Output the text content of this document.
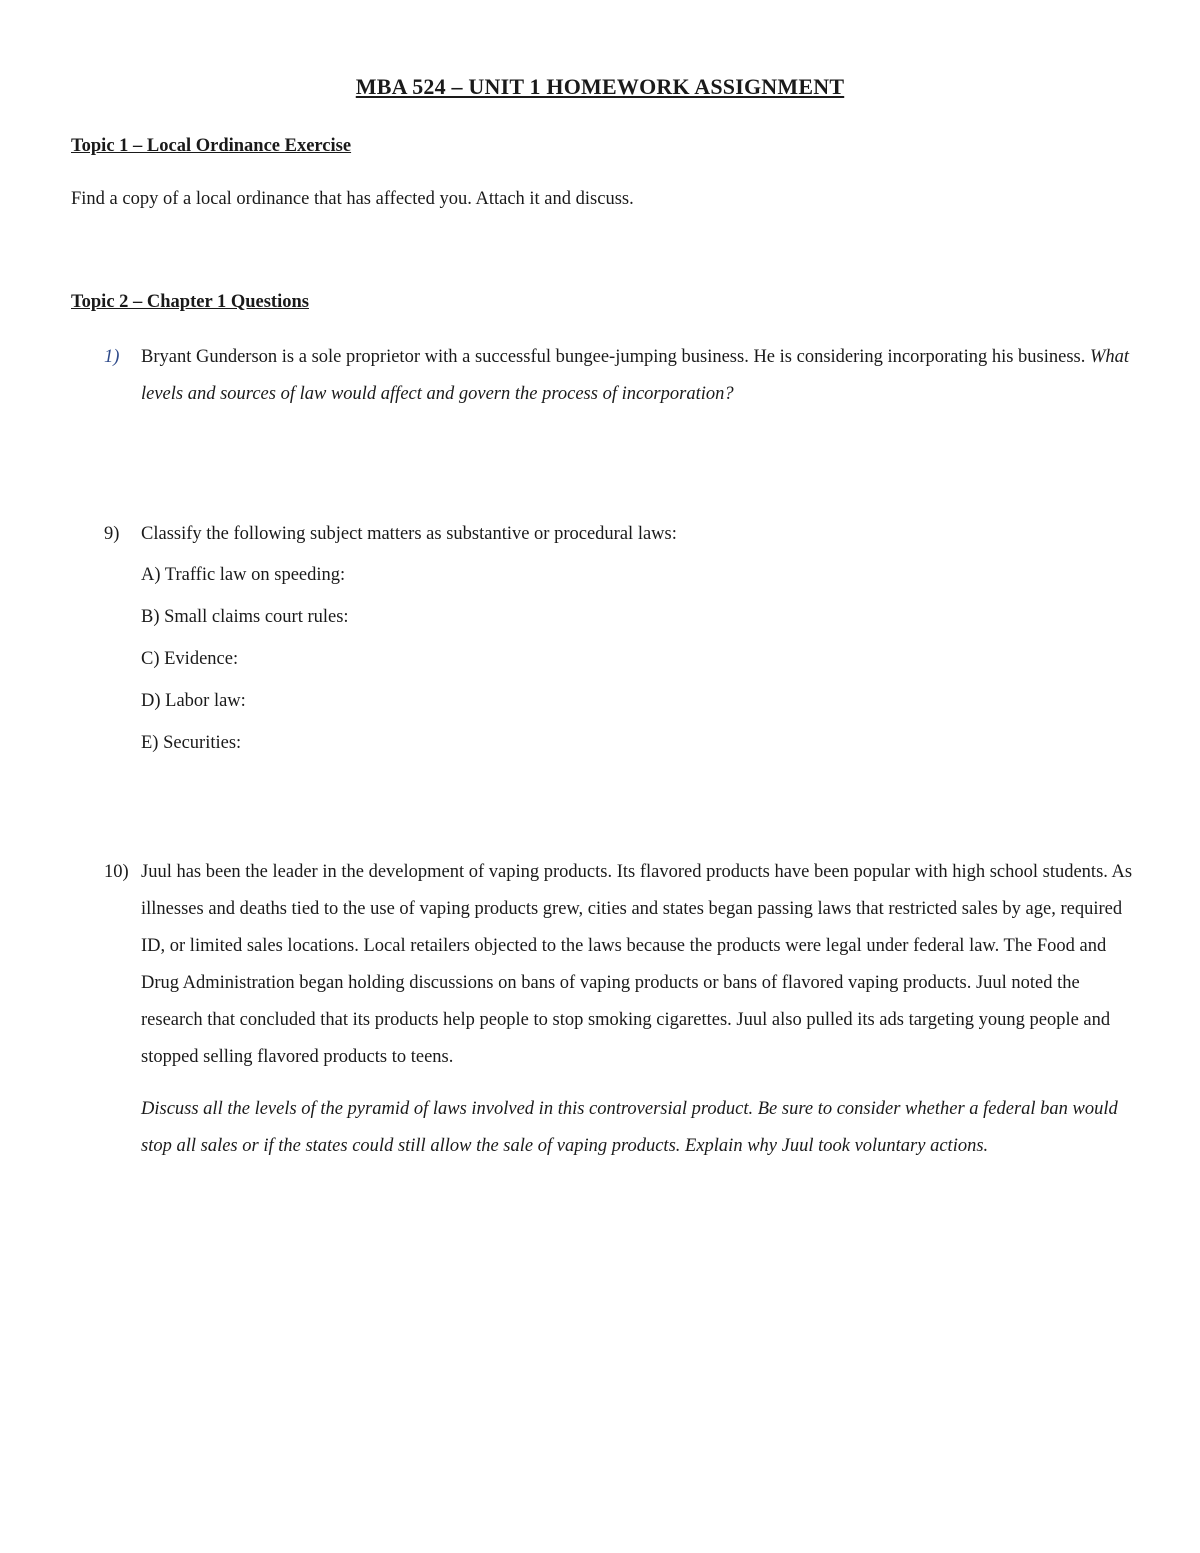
MBA 524 – UNIT 1 HOMEWORK ASSIGNMENT
Topic 1 – Local Ordinance Exercise
Find a copy of a local ordinance that has affected you. Attach it and discuss.
Topic 2 – Chapter 1 Questions
1) Bryant Gunderson is a sole proprietor with a successful bungee-jumping business. He is considering incorporating his business. What levels and sources of law would affect and govern the process of incorporation?
9) Classify the following subject matters as substantive or procedural laws:
A) Traffic law on speeding:
B) Small claims court rules:
C) Evidence:
D) Labor law:
E) Securities:
10) Juul has been the leader in the development of vaping products. Its flavored products have been popular with high school students. As illnesses and deaths tied to the use of vaping products grew, cities and states began passing laws that restricted sales by age, required ID, or limited sales locations. Local retailers objected to the laws because the products were legal under federal law. The Food and Drug Administration began holding discussions on bans of vaping products or bans of flavored vaping products. Juul noted the research that concluded that its products help people to stop smoking cigarettes. Juul also pulled its ads targeting young people and stopped selling flavored products to teens.
Discuss all the levels of the pyramid of laws involved in this controversial product. Be sure to consider whether a federal ban would stop all sales or if the states could still allow the sale of vaping products. Explain why Juul took voluntary actions.
